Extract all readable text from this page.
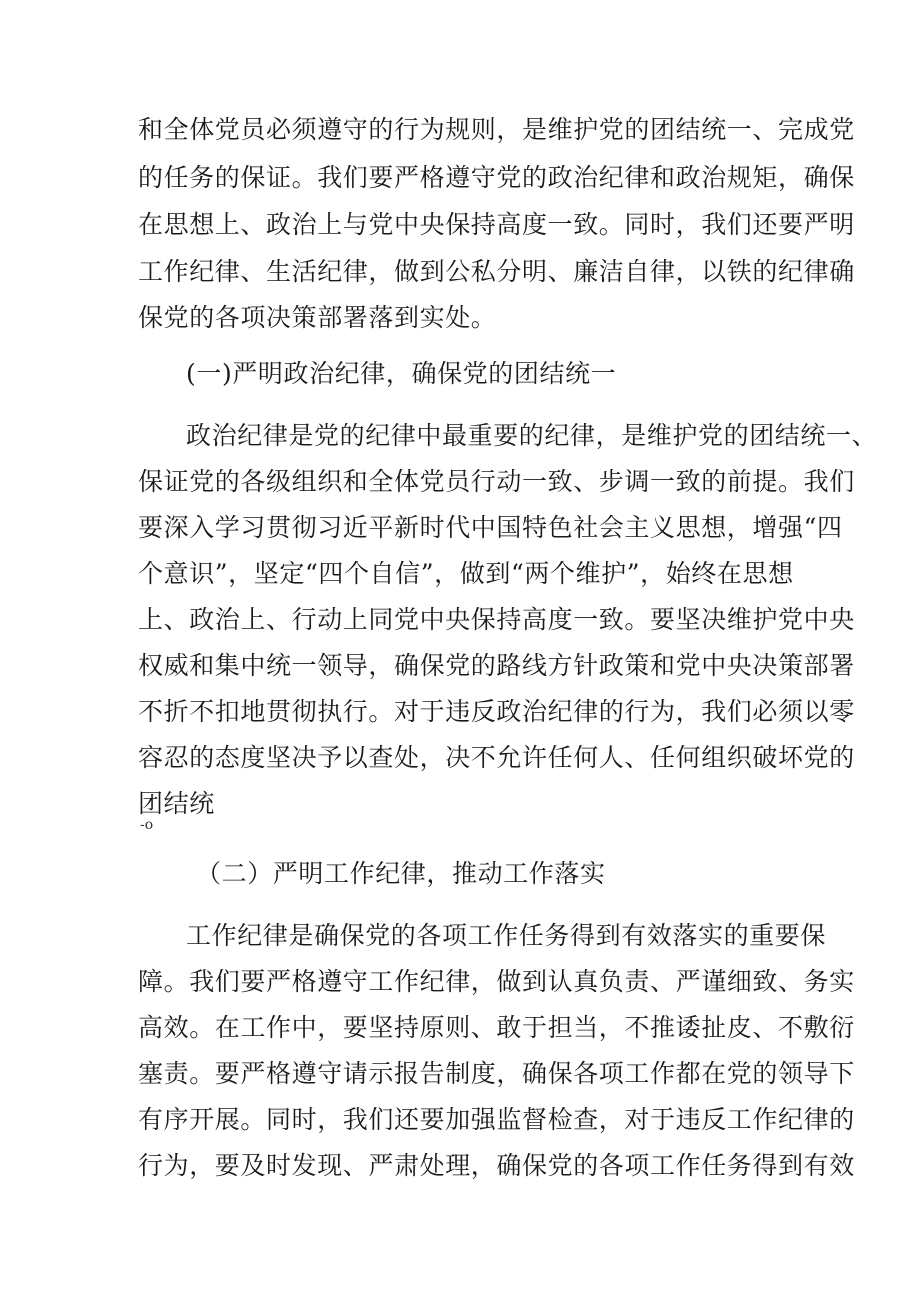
和全体党员必须遵守的行为规则，是维护党的团结统一、完成党
的任务的保证。我们要严格遵守党的政治纪律和政治规矩，确保
在思想上、政治上与党中央保持高度一致。同时，我们还要严明
工作纪律、生活纪律，做到公私分明、廉洁自律，以铁的纪律确
保党的各项决策部署落到实处。
(一)严明政治纪律，确保党的团结统一
政治纪律是党的纪律中最重要的纪律，是维护党的团结统一、
保证党的各级组织和全体党员行动一致、步调一致的前提。我们
要深入学习贯彻习近平新时代中国特色社会主义思想，增强“四
个意识”，坚定“四个自信”，做到“两个维护”，始终在思想
上、政治上、行动上同党中央保持高度一致。要坚决维护党中央
权威和集中统一领导，确保党的路线方针政策和党中央决策部署
不折不扣地贯彻执行。对于违反政治纪律的行为，我们必须以零
容忍的态度坚决予以查处，决不允许任何人、任何组织破坏党的
团结统
-o
（二）严明工作纪律，推动工作落实
工作纪律是确保党的各项工作任务得到有效落实的重要保
障。我们要严格遵守工作纪律，做到认真负责、严谨细致、务实
高效。在工作中，要坚持原则、敢于担当，不推诿扯皮、不敷衍
塞责。要严格遵守请示报告制度，确保各项工作都在党的领导下
有序开展。同时，我们还要加强监督检查，对于违反工作纪律的
行为，要及时发现、严肃处理，确保党的各项工作任务得到有效
